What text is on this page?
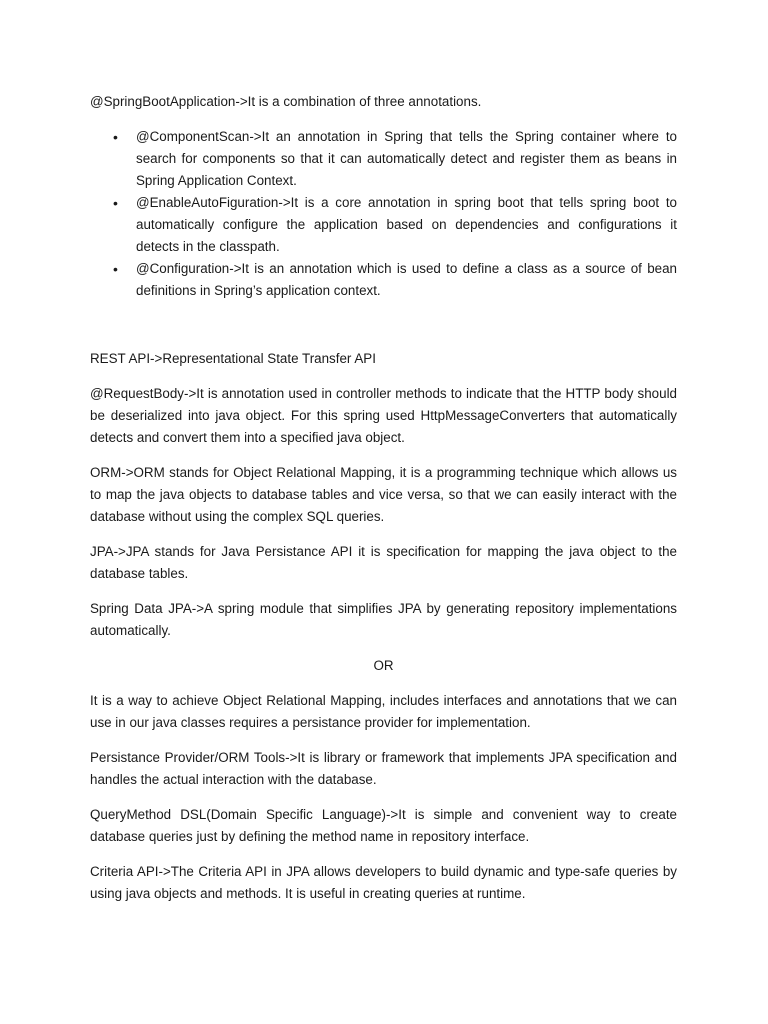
@SpringBootApplication->It is a combination of three annotations.

• @ComponentScan->It an annotation in Spring that tells the Spring container where to search for components so that it can automatically detect and register them as beans in Spring Application Context.
• @EnableAutoFiguration->It is a core annotation in spring boot that tells spring boot to automatically configure the application based on dependencies and configurations it detects in the classpath.
• @Configuration->It is an annotation which is used to define a class as a source of bean definitions in Spring’s application context.

REST API->Representational State Transfer API

@RequestBody->It is annotation used in controller methods to indicate that the HTTP body should be deserialized into java object. For this spring used HttpMessageConverters that automatically detects and convert them into a specified java object.

ORM->ORM stands for Object Relational Mapping, it is a programming technique which allows us to map the java objects to database tables and vice versa, so that we can easily interact with the database without using the complex SQL queries.

JPA->JPA stands for Java Persistance API it is specification for mapping the java object to the database tables.

Spring Data JPA->A spring module that simplifies JPA by generating repository implementations automatically.

OR

It is a way to achieve Object Relational Mapping, includes interfaces and annotations that we can use in our java classes requires a persistance provider for implementation.

Persistance Provider/ORM Tools->It is library or framework that implements JPA specification and handles the actual interaction with the database.

QueryMethod DSL(Domain Specific Language)->It is simple and convenient way to create database queries just by defining the method name in repository interface.

Criteria API->The Criteria API in JPA allows developers to build dynamic and type-safe queries by using java objects and methods. It is useful in creating queries at runtime.
